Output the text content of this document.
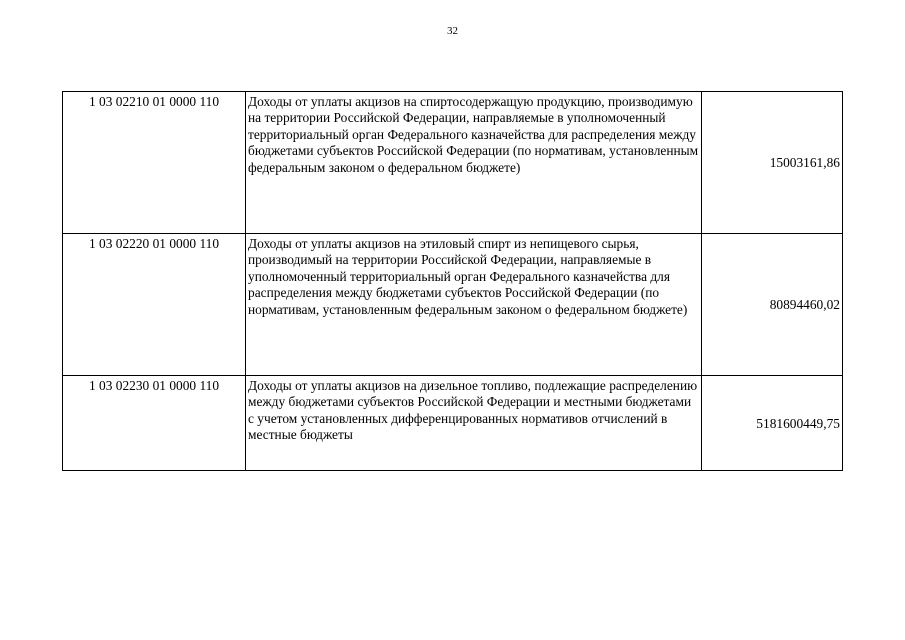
32
1 03 02210 01 0000 110	Доходы от уплаты акцизов на спиртосодержащую продукцию, производимую на территории Российской Федерации, направляемые в уполномоченный территориальный орган Федерального казначейства для распределения между бюджетами субъектов Российской Федерации (по нормативам, установленным федеральным законом о федеральном бюджете)	15003161,86
1 03 02220 01 0000 110	Доходы от уплаты акцизов на этиловый спирт из непищевого сырья, производимый на территории Российской Федерации, направляемые в уполномоченный территориальный орган Федерального казначейства для распределения между бюджетами субъектов Российской Федерации (по нормативам, установленным федеральным законом о федеральном бюджете)	80894460,02
1 03 02230 01 0000 110	Доходы от уплаты акцизов на дизельное топливо, подлежащие распределению между бюджетами субъектов Российской Федерации и местными бюджетами с учетом установленных дифференцированных нормативов отчислений в местные бюджеты	5181600449,75
